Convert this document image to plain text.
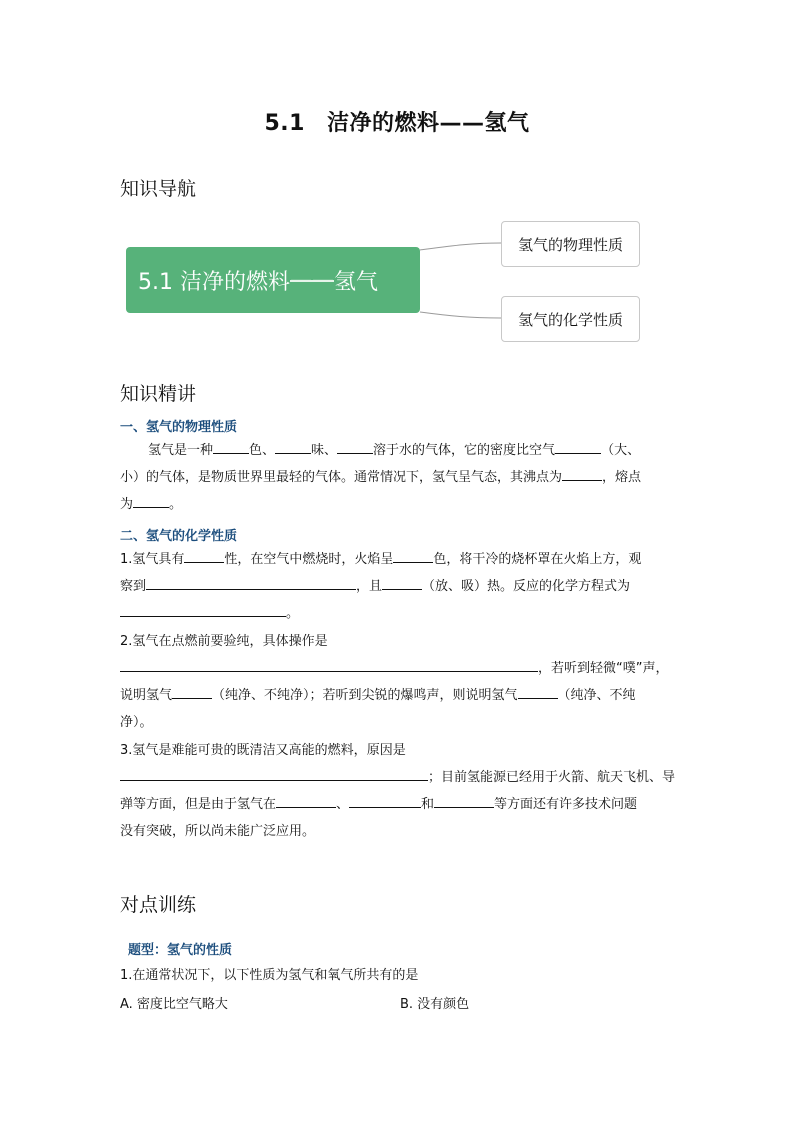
5.1 洁净的燃料——氢气
知识导航
5.1 洁净的燃料 —— 氢气
氢气的物理性质
氢气的化学性质
知识精讲
一、氢气的物理性质
氢气是一种	色、	味、	溶于水的气体，它的密度比空气	（大、
小）的气体，是物质世界里最轻的气体。通常情况下，氢气呈气态，其沸点为	，熔点
为	。
二、氢气的化学性质
1.氢气具有	性，在空气中燃烧时，火焰呈	色，将干冷的烧杯罩在火焰上方，观
察到	，且	（放、吸）热。反应的化学方程式为
。
2.氢气在点燃前要验纯，具体操作是
，若听到轻微“噗”声，
说明氢气	（纯净、不纯净）；若听到尖锐的爆鸣声，则说明氢气	（纯净、不纯
净）。
3.氢气是难能可贵的既清洁又高能的燃料，原因是
；目前氢能源已经用于火箭、航天飞机、导
弹等方面，但是由于氢气在	、	和	等方面还有许多技术问题
没有突破，所以尚未能广泛应用。
对点训练
题型：氢气的性质
1.在通常状况下，以下性质为氢气和氧气所共有的是
A. 密度比空气略大	B. 没有颜色
